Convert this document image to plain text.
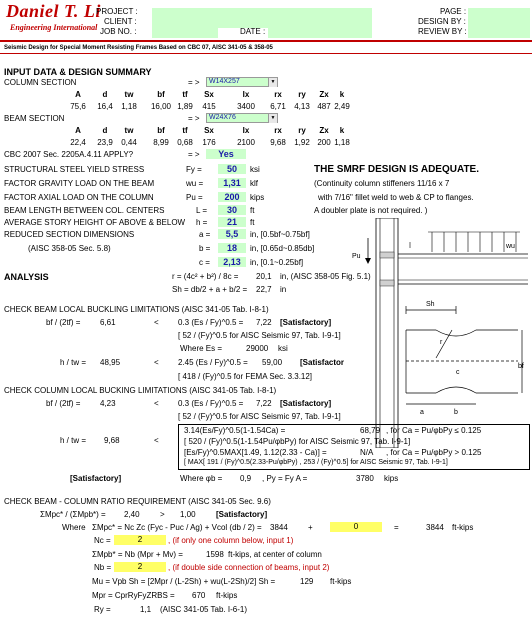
Daniel T. Li
Engineering International
PROJECT :
CLIENT :
JOB NO. :	DATE :
PAGE :
DESIGN BY :
REVIEW BY :
Seismic Design for Special Moment Resisting Frames Based on CBC 07, AISC 341-05 & 358-05
INPUT DATA & DESIGN SUMMARY
COLUMN SECTION	= >	W14X257	▼
A	d	tw	bf	tf	Sx	Ix	rx	ry	Zx	k
75,6	16,4	1,18	16,00 1,89	415	3400	6,71	4,13 487 2,49
BEAM SECTION	= >	W24X76	▼
A	d	tw	bf	tf	Sx	Ix	rx	ry	Zx	k
22,4	23,9	0,44	8,99	0,68	176	2100	9,68	1,92 200 1,18
CBC 2007 Sec. 2205A.4.11 APPLY?	= >	Yes
STRUCTURAL STEEL YIELD STRESS	Fy =	50	ksi
FACTOR GRAVITY LOAD ON THE BEAM	wu =	1,31	klf
FACTOR AXIAL LOAD ON THE COLUMN	Pu =	200	kips
BEAM LENGTH BETWEEN COL. CENTERS	L =	30	ft
AVERAGE STORY HEIGHT OF ABOVE & BELOW h =	21	ft
REDUCED SECTION DIMENSIONS	a =	5,5	in, [0.5bf~0.75bf]
(AISC 358-05 Sec. 5.8)	b =	18	in, [0.65d~0.85db]
c =	2,13	in, [0.1~0.25bf]
THE SMRF DESIGN IS ADEQUATE.
(Continuity column stiffeners 11/16 x 7
with 7/16" fillet weld to web & CP to flanges.
A doubler plate is not required. )
wu
Pu
Sh
r
a	b
c
bf
ANALYSIS	r = (4c² + b²) / 8c = 20,1 in, (AISC 358-05 Fig. 5.1)
Sh = db/2 + a + b/2 = 22,7 in
CHECK BEAM LOCAL BUCKLING LIMITATIONS (AISC 341-05 Tab. I-8-1)
bf / (2tf) = 6,61	< 0.3 (Es / Fy)^0.5 = 7,22 [Satisfactory]
[ 52 / (Fy)^0.5 for AISC Seismic 97, Tab. I-9-1]
Where Es =	29000 ksi
h / tw = 48,95	< 2.45 (Es / Fy)^0.5 = 59,00 [Satisfactor
[ 418 / (Fy)^0.5 for FEMA Sec. 3.3.12]
CHECK COLUMN LOCAL BUCKING LIMITATIONS (AISC 341-05 Tab. I-8-1)
bf / (2tf) = 4,23	< 0.3 (Es / Fy)^0.5 = 7,22 [Satisfactory]
[ 52 / (Fy)^0.5 for AISC Seismic 97, Tab. I-9-1]
h / tw = 9,68	<
3.14(Es/Fy)^0.5(1-1.54Ca) =	68,79 , for Ca = Pu/φbPy ≤ 0.125
[ 520 / (Fy)^0.5(1-1.54Pu/φbPy) for AISC Seismic 97, Tab. I-9-1]
[Es/Fy)^0.5MAX[1.49, 1.12(2.33 - Ca)] =	N/A , for Ca = Pu/φbPy > 0.125
[ MAX[ 191 / (Fy)^0.5(2.33-Pu/φbPy) , 253 / (Fy)^0.5] for AISC Seismic 97, Tab. I-9-1]
[Satisfactory]	Where φb = 0,9 , Py = Fy A =	3780 kips
CHECK BEAM - COLUMN RATIO REQUIREMENT (AISC 341-05 Sec. 9.6)
ΣMpc* / (ΣMpb*) = 2,40	> 1,00	[Satisfactory]
Where ΣMpc* = Nc Zc (Fyc - Puc / Ag) + Vcol (db / 2) = 3844	+	0	=	3844 ft-kips
Nc =	2	, (if only one column below, input 1)
ΣMpb* = Nb (Mpr + Mv) =	1598 ft-kips, at center of column
Nb =	2	, (if double side connection of beams, input 2)
Mu = Vpb Sh = [2Mpr / (L-2Sh) + wu(L-2Sh)/2] Sh =	129 ft-kips
Mpr = CprRyFyZRBS = 670 ft-kips
Ry =	1,1 (AISC 341-05 Tab. I-6-1)
